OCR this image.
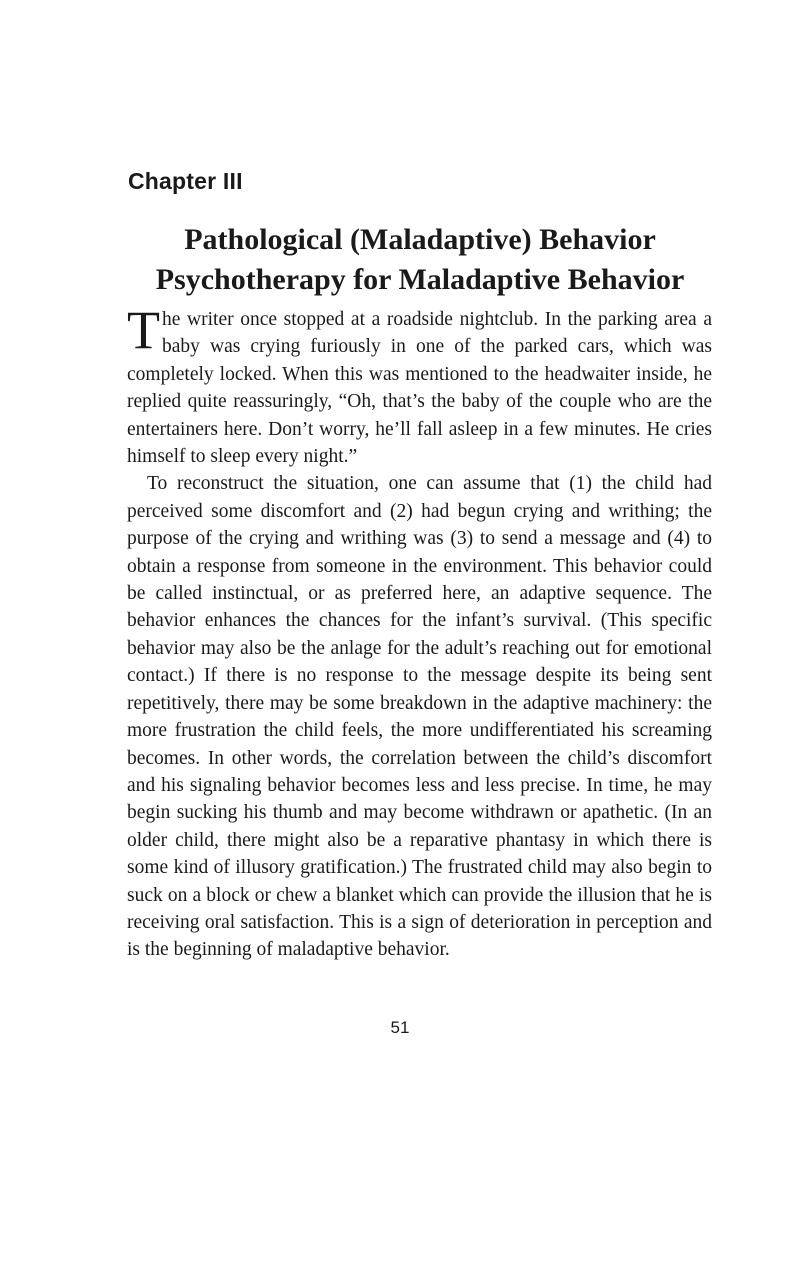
Chapter III
Pathological (Maladaptive) Behavior
Psychotherapy for Maladaptive Behavior

The writer once stopped at a roadside nightclub. In the parking area a baby was crying furiously in one of the parked cars, which was completely locked. When this was mentioned to the headwaiter inside, he replied quite reassuringly, “Oh, that’s the baby of the couple who are the entertainers here. Don’t worry, he’ll fall asleep in a few minutes. He cries himself to sleep every night.”

To reconstruct the situation, one can assume that (1) the child had perceived some discomfort and (2) had begun crying and writhing; the purpose of the crying and writhing was (3) to send a message and (4) to obtain a response from someone in the environment. This behavior could be called instinctual, or as preferred here, an adaptive sequence. The behavior enhances the chances for the infant’s survival. (This specific behavior may also be the anlage for the adult’s reaching out for emotional contact.) If there is no response to the message despite its being sent repetitively, there may be some breakdown in the adaptive machinery: the more frustration the child feels, the more undifferentiated his screaming becomes. In other words, the correlation between the child’s discomfort and his signaling behavior becomes less and less precise. In time, he may begin sucking his thumb and may become withdrawn or apathetic. (In an older child, there might also be a reparative phantasy in which there is some kind of illusory gratification.) The frustrated child may also begin to suck on a block or chew a blanket which can provide the illusion that he is receiving oral satisfaction. This is a sign of deterioration in perception and is the beginning of maladaptive behavior.

51
